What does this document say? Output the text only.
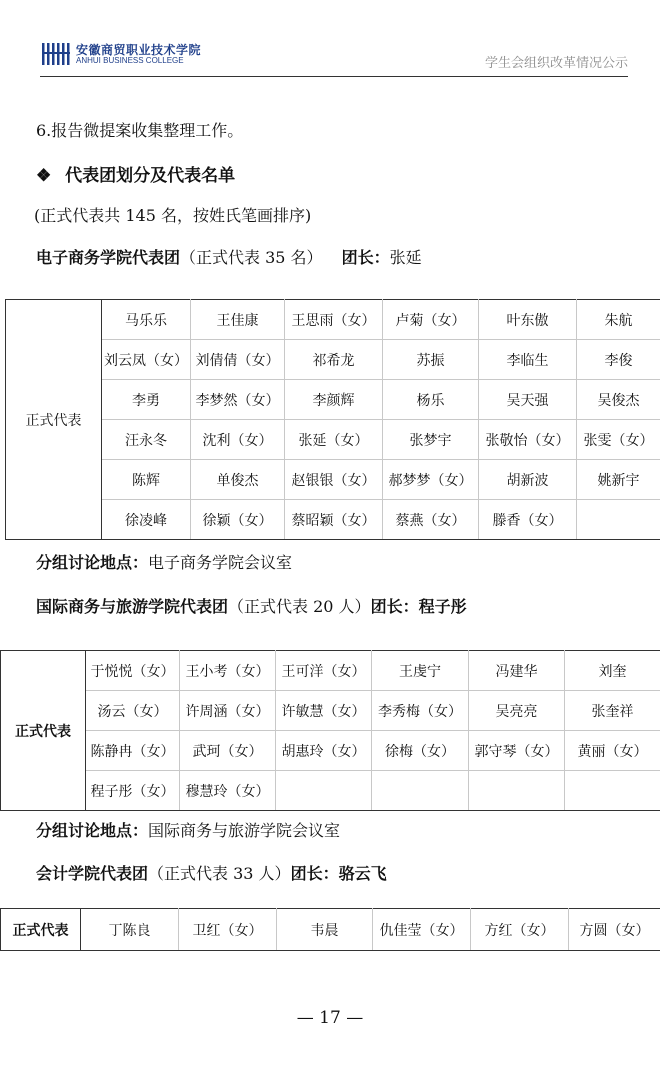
安徽商贸职业技术学院
ANHUI BUSINESS COLLEGE	学生会组织改革情况公示
6.报告微提案收集整理工作。
❖ 代表团划分及代表名单
(正式代表共 145 名，按姓氏笔画排序)
电子商务学院代表团（正式代表 35 名） 团长：张延
正式代表	马乐乐	王佳康	王思雨（女）	卢菊（女）	叶东傲	朱航
	刘云凤（女）	刘倩倩（女）	祁希龙	苏振	李临生	李俊
	李勇	李梦然（女）	李颜辉	杨乐	吴天强	吴俊杰
	汪永冬	沈利（女）	张延（女）	张梦宇	张敬怡（女）	张雯（女）
	陈辉	单俊杰	赵银银（女）	郝梦梦（女）	胡新波	姚新宇
	徐凌峰	徐颖（女）	蔡昭颖（女）	蔡燕（女）	滕香（女）	
分组讨论地点：电子商务学院会议室
国际商务与旅游学院代表团（正式代表 20 人）团长：程子彤
正式代表	于悦悦（女）	王小考（女）	王可洋（女）	王虔宁	冯建华	刘奎
	汤云（女）	许周涵（女）	许敏慧（女）	李秀梅（女）	吴亮亮	张奎祥
	陈静冉（女）	武珂（女）	胡惠玲（女）	徐梅（女）	郭守琴（女）	黄丽（女）
	程子彤（女）	穆慧玲（女）				
分组讨论地点：国际商务与旅游学院会议室
会计学院代表团（正式代表 33 人）团长：骆云飞
正式代表	丁陈良	卫红（女）	韦晨	仇佳莹（女）	方红（女）	方圆（女）
— 17 —
